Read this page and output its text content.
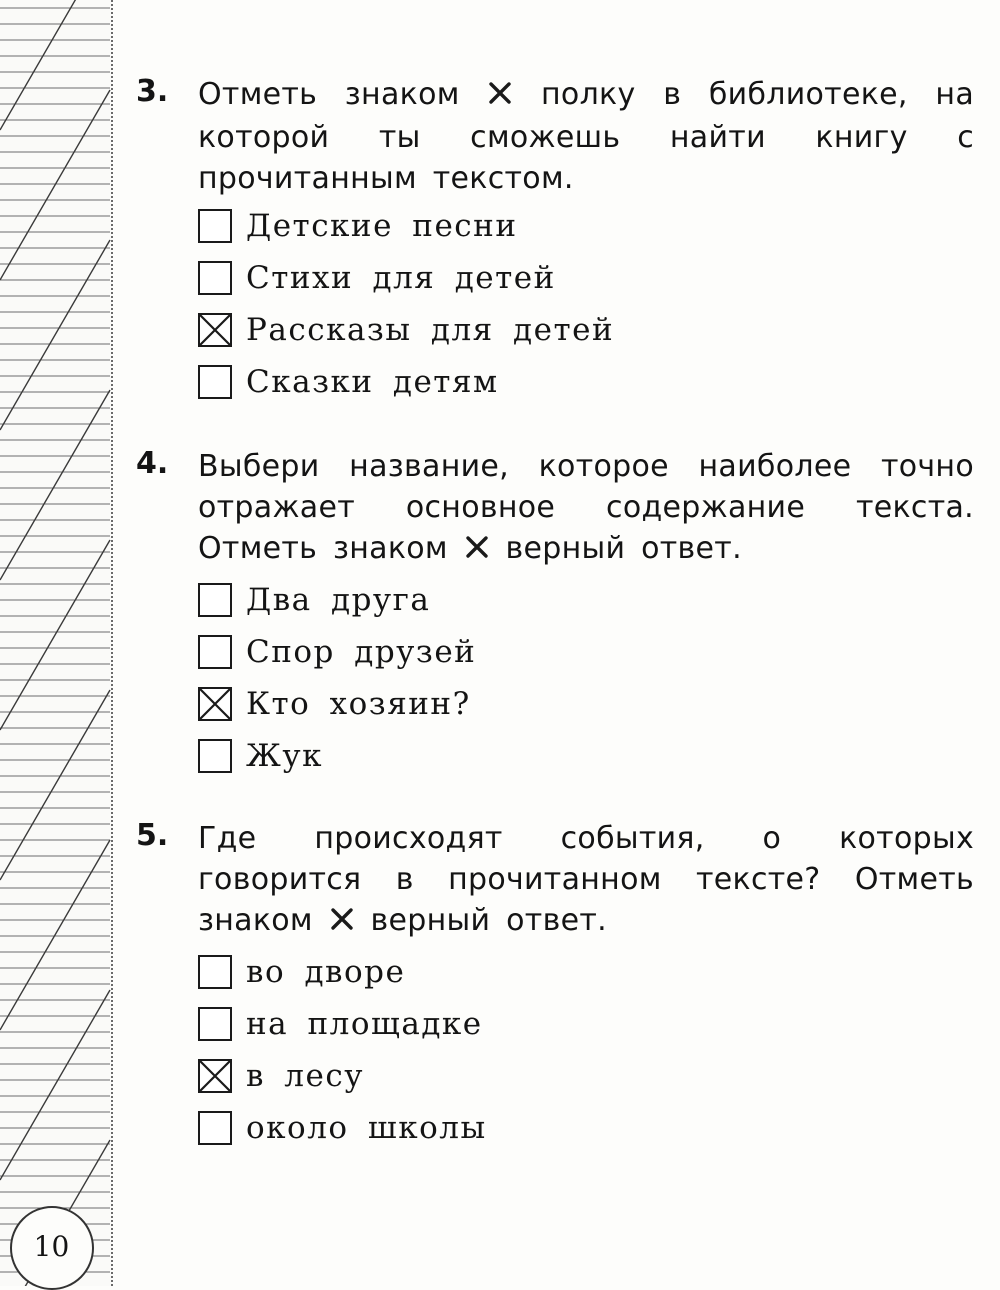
3. Отметь знаком  полку в библиотеке, на которой ты сможешь найти книгу с прочитанным текстом.
Детские песни
Стихи для детей
Рассказы для детей
Сказки детям
4. Выбери название, которое наиболее точно отражает основное содержание текста. Отметь знаком  верный ответ.
Два друга
Спор друзей
Кто хозяин?
Жук
5. Где происходят события, о которых говорится в прочитанном тексте? Отметь знаком  верный ответ.
во дворе
на площадке
в лесу
около школы
10
